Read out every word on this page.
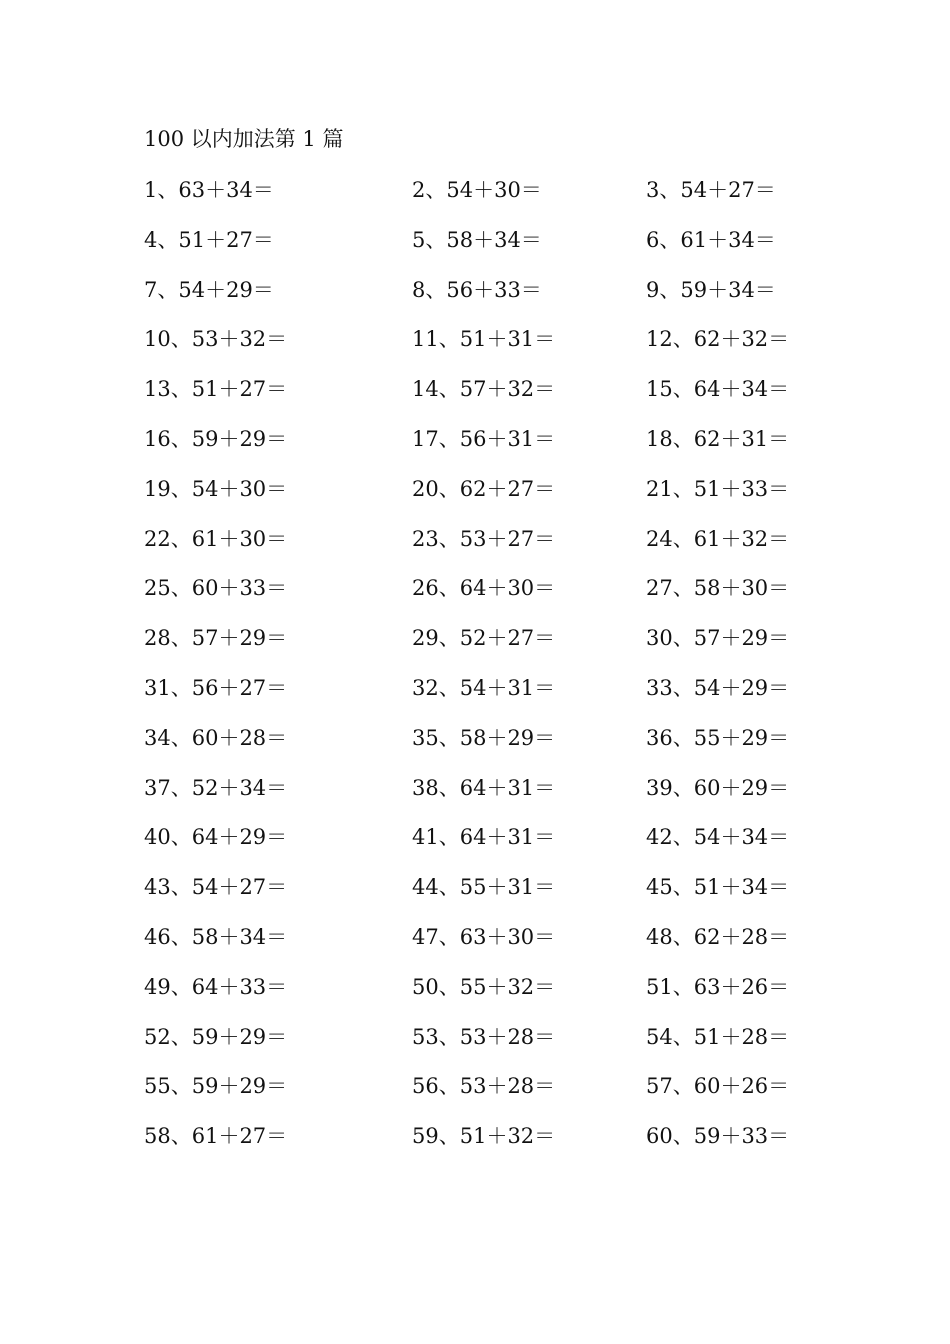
100 以内加法第 1 篇
1、63＋34＝	2、54＋30＝	3、54＋27＝
4、51＋27＝	5、58＋34＝	6、61＋34＝
7、54＋29＝	8、56＋33＝	9、59＋34＝
10、53＋32＝	11、51＋31＝	12、62＋32＝
13、51＋27＝	14、57＋32＝	15、64＋34＝
16、59＋29＝	17、56＋31＝	18、62＋31＝
19、54＋30＝	20、62＋27＝	21、51＋33＝
22、61＋30＝	23、53＋27＝	24、61＋32＝
25、60＋33＝	26、64＋30＝	27、58＋30＝
28、57＋29＝	29、52＋27＝	30、57＋29＝
31、56＋27＝	32、54＋31＝	33、54＋29＝
34、60＋28＝	35、58＋29＝	36、55＋29＝
37、52＋34＝	38、64＋31＝	39、60＋29＝
40、64＋29＝	41、64＋31＝	42、54＋34＝
43、54＋27＝	44、55＋31＝	45、51＋34＝
46、58＋34＝	47、63＋30＝	48、62＋28＝
49、64＋33＝	50、55＋32＝	51、63＋26＝
52、59＋29＝	53、53＋28＝	54、51＋28＝
55、59＋29＝	56、53＋28＝	57、60＋26＝
58、61＋27＝	59、51＋32＝	60、59＋33＝
